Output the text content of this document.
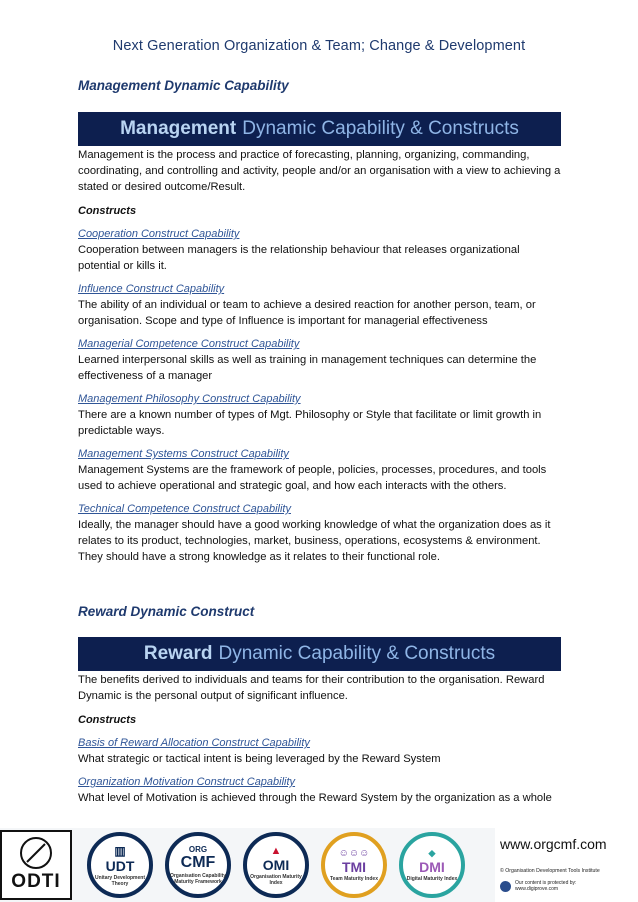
Next Generation Organization & Team; Change & Development
Management Dynamic Capability
Management Dynamic Capability & Constructs
Management is the process and practice of forecasting, planning, organizing, commanding, coordinating, and controlling and activity, people and/or an organisation with a view to achieving a stated or desired outcome/Result.
Constructs
Cooperation Construct Capability
Cooperation between managers is the relationship behaviour that releases organizational potential or kills it.
Influence Construct Capability
The ability of an individual or team to achieve a desired reaction for another person, team, or organisation. Scope and type of Influence is important for managerial effectiveness
Managerial Competence Construct Capability
Learned interpersonal skills as well as training in management techniques can determine the effectiveness of a manager
Management Philosophy Construct Capability
There are a known number of types of Mgt. Philosophy or Style that facilitate or limit growth in predictable ways.
Management Systems Construct Capability
Management Systems are the framework of people, policies, processes, procedures, and tools used to achieve operational and strategic goal, and how each interacts with the others.
Technical Competence Construct Capability
Ideally, the manager should have a good working knowledge of what the organization does as it relates to its product, technologies, market, business, operations, ecosystems & environment. They should have a strong knowledge as it relates to their functional role.
Reward Dynamic Construct
Reward Dynamic Capability & Constructs
The benefits derived to individuals and teams for their contribution to the organisation. Reward Dynamic is the personal output of significant influence.
Constructs
Basis of Reward Allocation Construct Capability
What strategic or tactical intent is being leveraged by the Reward System
Organization Motivation Construct Capability
What level of Motivation is achieved through the Reward System by the organization as a whole
ODTI
▥
UDT
Unitary Development Theory
ORG
CMF
Organisation Capability Maturity Framework
▲
OMI
Organisation Maturity Index
☺☺☺
TMI
Team Maturity Index
◆
DMI
Digital Maturity Index
www.orgcmf.com
© Organisation Development Tools Institute
Our content is protected by:
www.digiprove.com
